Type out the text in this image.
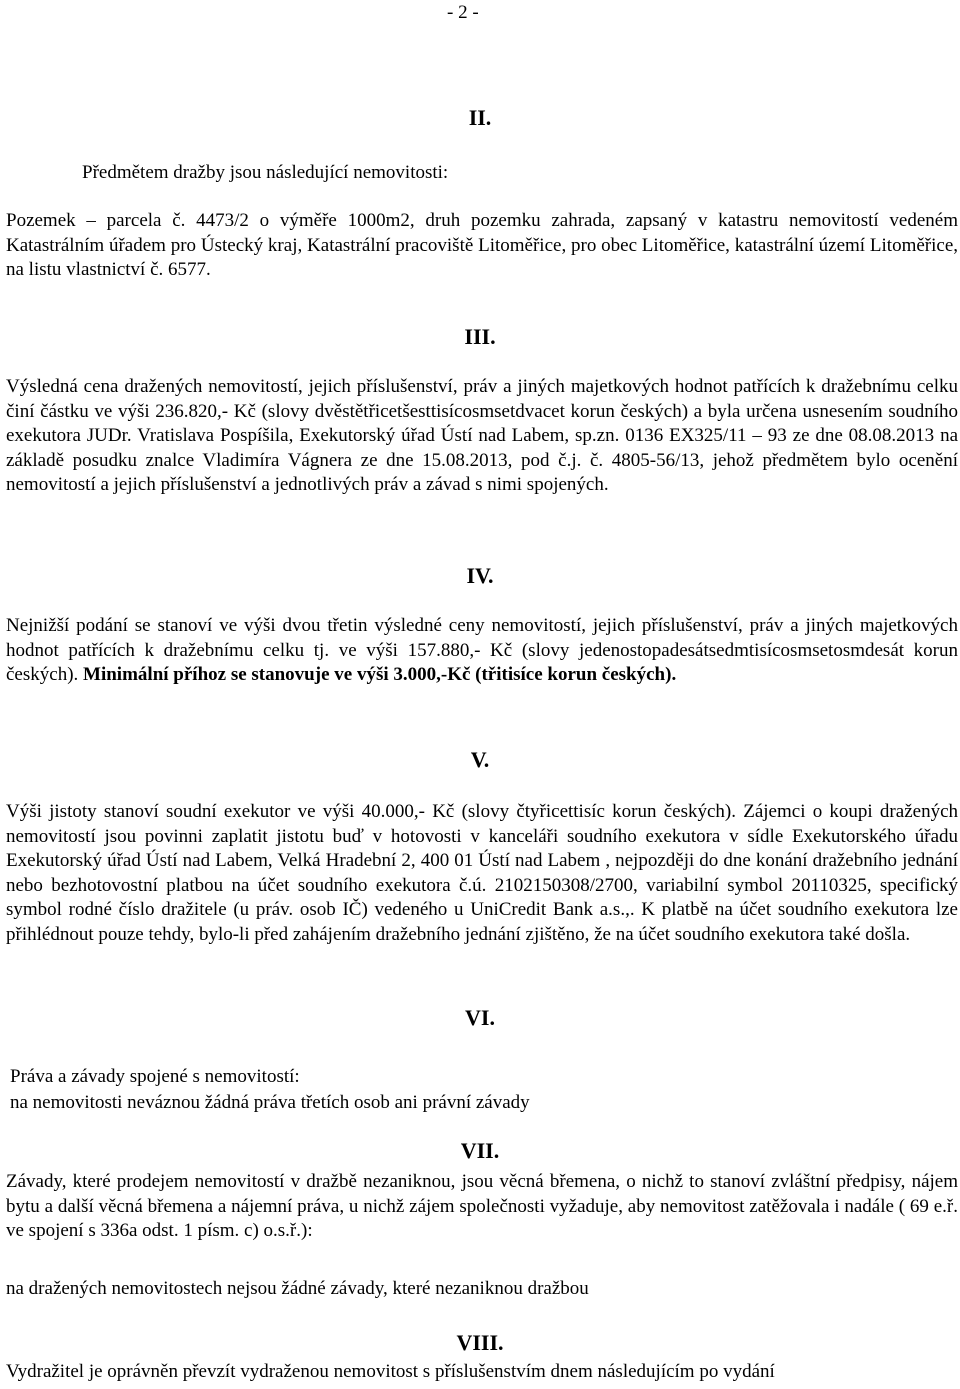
- 2 -
II.
Předmětem dražby jsou následující nemovitosti:
Pozemek – parcela č. 4473/2 o výměře 1000m2, druh pozemku zahrada, zapsaný v katastru nemovitostí vedeném Katastrálním úřadem pro Ústecký kraj, Katastrální pracoviště Litoměřice, pro obec Litoměřice, katastrální území Litoměřice, na listu vlastnictví č. 6577.
III.
Výsledná cena dražených nemovitostí, jejich příslušenství, práv a jiných majetkových hodnot patřících k dražebnímu celku činí částku ve výši 236.820,- Kč (slovy dvěstětřicetšesttisícosmsetdvacet korun českých) a byla určena usnesením soudního exekutora JUDr. Vratislava Pospíšila, Exekutorský úřad Ústí nad Labem, sp.zn. 0136 EX325/11 – 93 ze dne 08.08.2013 na základě posudku znalce Vladimíra Vágnera ze dne 15.08.2013, pod č.j. č. 4805-56/13, jehož předmětem bylo ocenění nemovitostí a jejich příslušenství a jednotlivých práv a závad s nimi spojených.
IV.
Nejnižší podání se stanoví ve výši dvou třetin výsledné ceny nemovitostí, jejich příslušenství, práv a jiných majetkových hodnot patřících k dražebnímu celku tj. ve výši 157.880,- Kč (slovy jedenostopadesátsedmtisícosmsetosmdesát korun českých). Minimální příhoz se stanovuje ve výši 3.000,-Kč (třitisíce korun českých).
V.
Výši jistoty stanoví soudní exekutor ve výši 40.000,- Kč (slovy čtyřicettisíc korun českých). Zájemci o koupi dražených nemovitostí jsou povinni zaplatit jistotu buď v hotovosti v kanceláři soudního exekutora v sídle Exekutorského úřadu Exekutorský úřad Ústí nad Labem, Velká Hradební 2, 400 01 Ústí nad Labem , nejpozději do dne konání dražebního jednání nebo bezhotovostní platbou na účet soudního exekutora č.ú. 2102150308/2700, variabilní symbol 20110325, specifický symbol rodné číslo dražitele (u práv. osob IČ) vedeného u UniCredit Bank a.s.,. K platbě na účet soudního exekutora lze přihlédnout pouze tehdy, bylo-li před zahájením dražebního jednání zjištěno, že na účet soudního exekutora také došla.
VI.
Práva a závady spojené s nemovitostí:
na nemovitosti neváznou žádná práva třetích osob ani právní závady
VII.
Závady, které prodejem nemovitostí v dražbě nezaniknou, jsou věcná břemena, o nichž to stanoví zvláštní předpisy, nájem bytu a další věcná břemena a nájemní práva, u nichž zájem společnosti vyžaduje, aby nemovitost zatěžovala i nadále ( 69 e.ř. ve spojení s 336a odst. 1 písm. c) o.s.ř.):
na dražených nemovitostech nejsou žádné závady, které nezaniknou dražbou
VIII.
Vydražitel je oprávněn převzít vydraženou nemovitost s příslušenstvím dnem následujícím po vydání
